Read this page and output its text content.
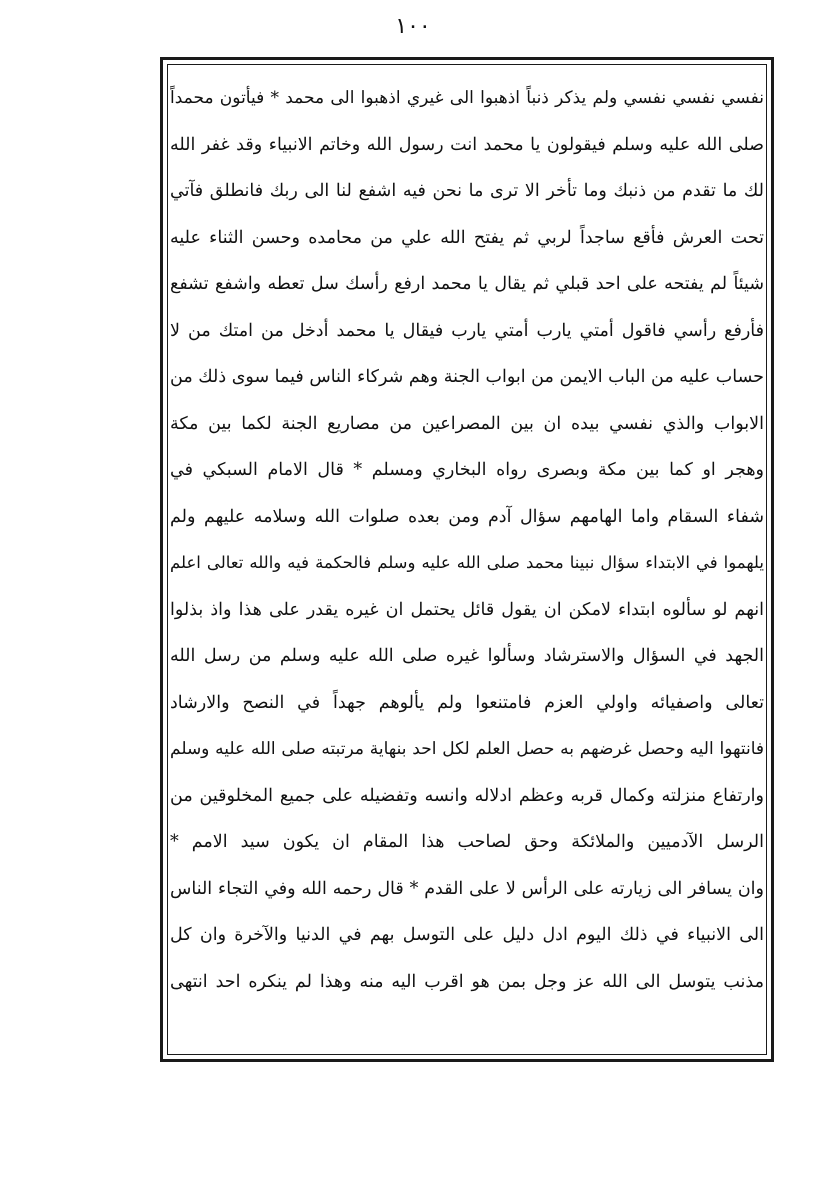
١٠٠
نفسي نفسي نفسي ولم يذكر ذنباً اذهبوا الى غيري اذهبوا الى محمد * فيأتون محمداً
صلى الله عليه وسلم فيقولون يا محمد انت رسول الله وخاتم الانبياء وقد غفر الله
لك ما تقدم من ذنبك وما تأخر الا ترى ما نحن فيه اشفع لنا الى ربك فانطلق فآتي
تحت العرش فأقع ساجداً لربي ثم يفتح الله علي من محامده وحسن الثناء عليه
شيئاً لم يفتحه على احد قبلي ثم يقال يا محمد ارفع رأسك سل تعطه واشفع تشفع
فأرفع رأسي فاقول أمتي يارب أمتي يارب فيقال يا محمد أدخل من امتك من لا
حساب عليه من الباب الايمن من ابواب الجنة وهم شركاء الناس فيما سوى ذلك من
الابواب والذي نفسي بيده ان بين المصراعين من مصاريع الجنة لكما بين مكة
وهجر او كما بين مكة وبصرى رواه البخاري ومسلم * قال الامام السبكي في
شفاء السقام واما الهامهم سؤال آدم ومن بعده صلوات الله وسلامه عليهم ولم
يلهموا في الابتداء سؤال نبينا محمد صلى الله عليه وسلم فالحكمة فيه والله تعالى اعلم
انهم لو سألوه ابتداء لامكن ان يقول قائل يحتمل ان غيره يقدر على هذا واذ بذلوا
الجهد في السؤال والاسترشاد وسألوا غيره صلى الله عليه وسلم من رسل الله
تعالى واصفيائه واولي العزم فامتنعوا ولم يألوهم جهداً في النصح والارشاد
فانتهوا اليه وحصل غرضهم به حصل العلم لكل احد بنهاية مرتبته صلى الله عليه وسلم
وارتفاع منزلته وكمال قربه وعظم ادلاله وانسه وتفضيله على جميع المخلوقين من
الرسل الآدميين والملائكة وحق لصاحب هذا المقام ان يكون سيد الامم *
وان يسافر الى زيارته على الرأس لا على القدم * قال رحمه الله وفي التجاء الناس
الى الانبياء في ذلك اليوم ادل دليل على التوسل بهم في الدنيا والآخرة وان كل
مذنب يتوسل الى الله عز وجل بمن هو اقرب اليه منه وهذا لم ينكره احد انتهى
